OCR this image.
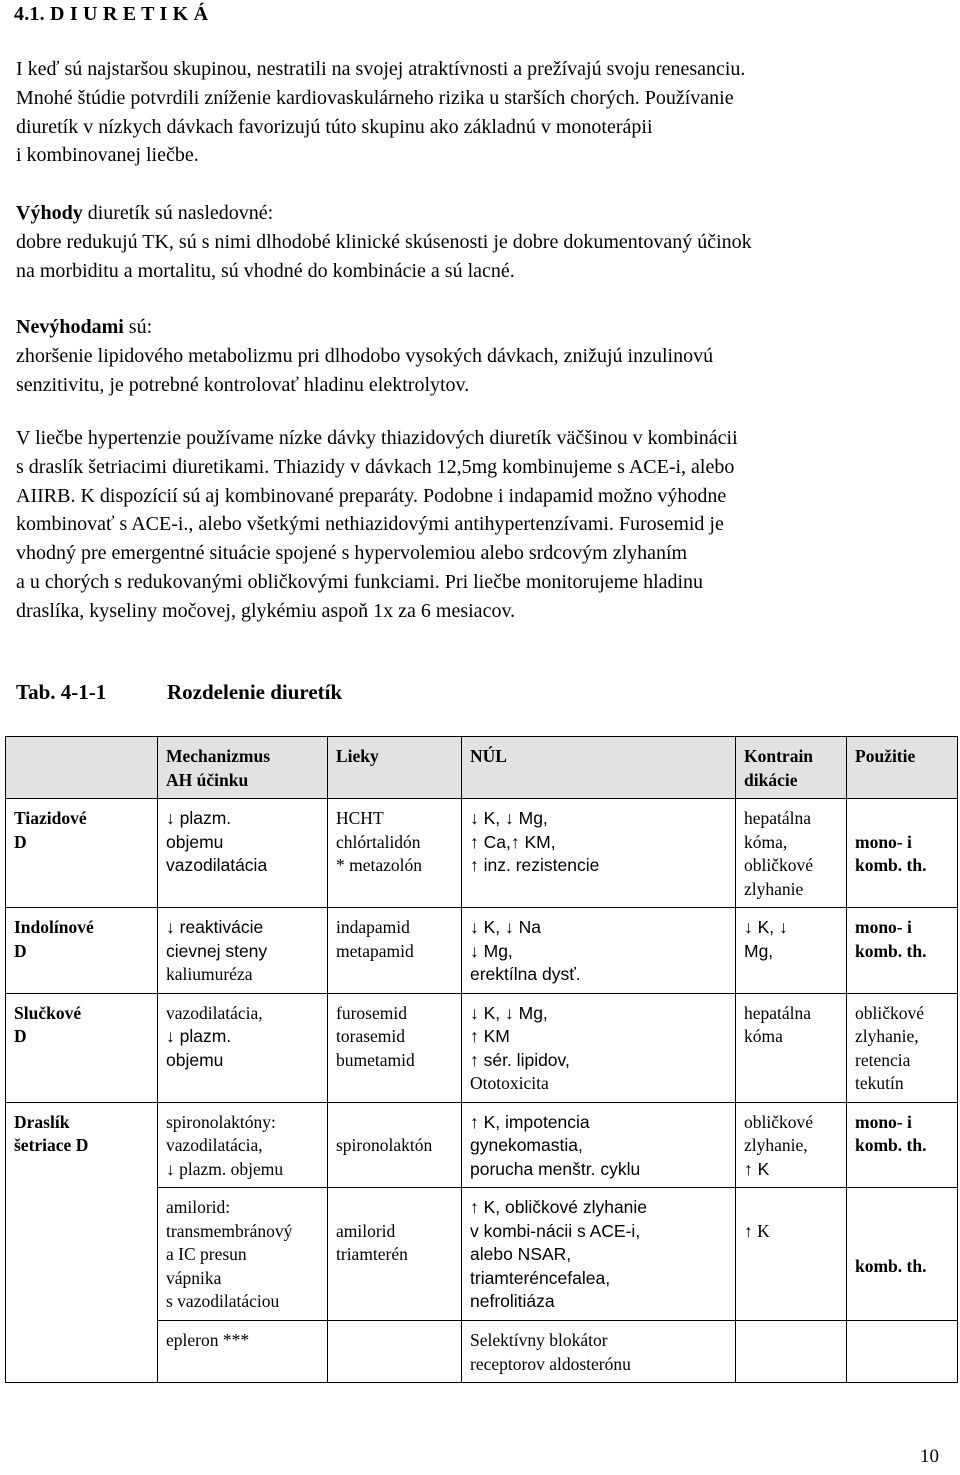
4.1. D I U R E T I K Á
I keď sú najstaršou skupinou, nestratili na svojej atraktívnosti a prežívajú svoju renesanciu.
Mnohé štúdie potvrdili zníženie kardiovaskulárneho rizika u starších chorých. Používanie
diuretík v nízkych dávkach favorizujú túto skupinu ako základnú v monoterápii
i kombinovanej liečbe.
Výhody diuretík sú nasledovné:
dobre redukujú TK, sú s nimi dlhodobé klinické skúsenosti je dobre dokumentovaný účinok
na morbiditu a mortalitu, sú vhodné do kombinácie a sú lacné.
Nevýhodami sú:
zhoršenie lipidového metabolizmu pri dlhodobo vysokých dávkach, znižujú inzulinovú
senzitivitu, je potrebné kontrolovať hladinu elektrolytov.
V liečbe hypertenzie používame nízke dávky thiazidových diuretík väčšinou v kombinácii
s draslík šetriacimi diuretikami. Thiazidy v dávkach 12,5mg kombinujeme s ACE-i, alebo
AIIRB. K dispozícií sú aj kombinované preparáty. Podobne i indapamid možno výhodne
kombinovať s ACE-i., alebo všetkými nethiazidovými antihypertenzívami. Furosemid je
vhodný pre emergentné situácie spojené s hypervolemiou alebo srdcovým zlyhaním
a u chorých s redukovanými obličkovými funkciami. Pri liečbe monitorujeme hladinu
draslíka, kyseliny močovej, glykémiu aspoň 1x za 6 mesiacov.
Tab. 4-1-1	Rozdelenie diuretík

	Mechanizmus
AH účinku	Lieky	NÚL	Kontrain
dikácie	Použitie

Tiazidové
D	↓ plazm.
objemu
vazodilatácia	HCHT
chlórtalidón
* metazolón	↓ K, ↓ Mg,
↑ Ca,↑ KM,
↑ inz. rezistencie	hepatálna
kóma,
obličkové
zlyhanie	mono- i
komb. th.

Indolínové
D	↓ reaktivácie
cievnej steny
kaliumuréza	indapamid
metapamid	↓ K, ↓ Na
↓ Mg,
erektílna dysť.	↓ K, ↓
Mg,	mono- i
komb. th.

Slučkové
D	vazodilatácia,
↓ plazm.
objemu	furosemid
torasemid
bumetamid	↓ K, ↓ Mg,
↑ KM
↑ sér. lipidov,
Ototoxicita	hepatálna
kóma	obličkové
zlyhanie,
retencia
tekutín

Draslík
šetriace D	spironolaktóny:
vazodilatácia,
↓ plazm. objemu	spironolaktón	↑ K, impotencia
gynekomastia,
porucha menštr. cyklu	obličkové
zlyhanie,
↑ K	mono- i
komb. th.

	amilorid:
transmembránový
a IC presun
vápnika
s vazodilatáciou	amilorid
triamterén	↑ K, obličkové zlyhanie
v kombi-nácii s ACE-i,
alebo NSAR,
triamteréncefalea,
nefrolitiáza	↑ K	komb. th.

	epleron ***		Selektívny blokátor
receptorov aldosterónu		

10
